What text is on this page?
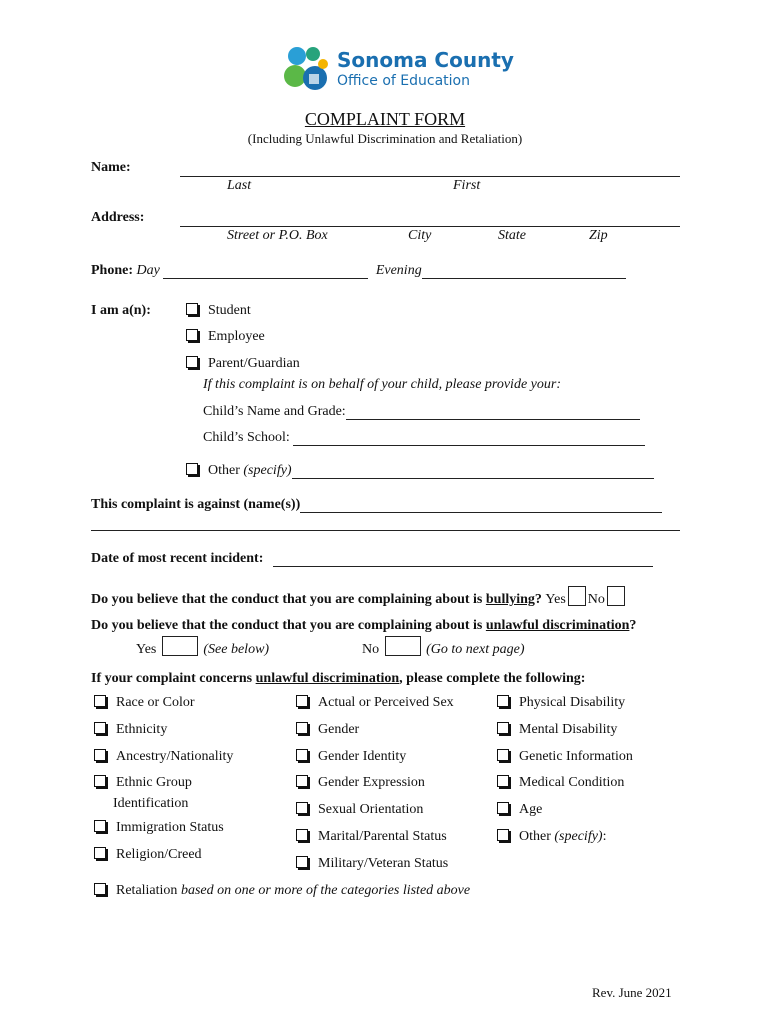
Sonoma County
Office of Education
COMPLAINT FORM
(Including Unlawful Discrimination and Retaliation)
Name:
Last	First
Address:
Street or P.O. Box	City	State	Zip
Phone: Day	Evening
I am a(n):	Student
Employee
Parent/Guardian
If this complaint is on behalf of your child, please provide your:
Child’s Name and Grade:
Child’s School:
Other (specify)
This complaint is against (name(s))
Date of most recent incident:
Do you believe that the conduct that you are complaining about is bullying? Yes No
Do you believe that the conduct that you are complaining about is unlawful discrimination?
Yes	(See below)	No	(Go to next page)
If your complaint concerns unlawful discrimination, please complete the following:
Race or Color
Ethnicity
Ancestry/Nationality
Ethnic Group
Identification
Immigration Status
Religion/Creed
Actual or Perceived Sex
Gender
Gender Identity
Gender Expression
Sexual Orientation
Marital/Parental Status
Military/Veteran Status
Physical Disability
Mental Disability
Genetic Information
Medical Condition
Age
Other (specify):
Retaliation based on one or more of the categories listed above
Rev. June 2021
